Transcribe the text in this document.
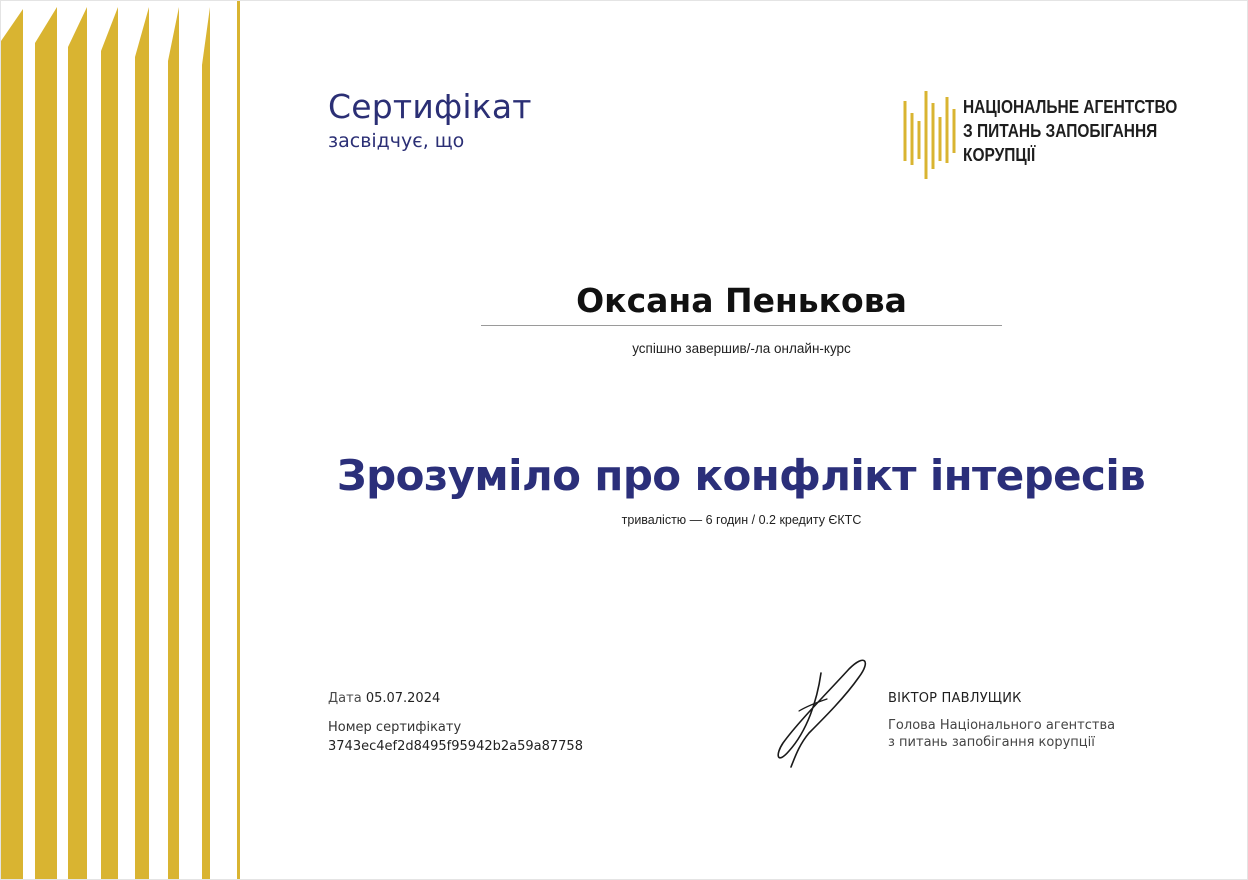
Сертифікат
засвідчує, що
НАЦІОНАЛЬНЕ АГЕНТСТВО
З ПИТАНЬ ЗАПОБІГАННЯ
КОРУПЦІЇ
Оксана Пенькова
успішно завершив/-ла онлайн-курс
Зрозуміло про конфлікт інтересів
тривалістю — 6 годин / 0.2 кредиту ЄКТС
Дата 05.07.2024
Номер сертифікату
3743ec4ef2d8495f95942b2a59a87758
ВІКТОР ПАВЛУЩИК
Голова Національного агентства
з питань запобігання корупції
